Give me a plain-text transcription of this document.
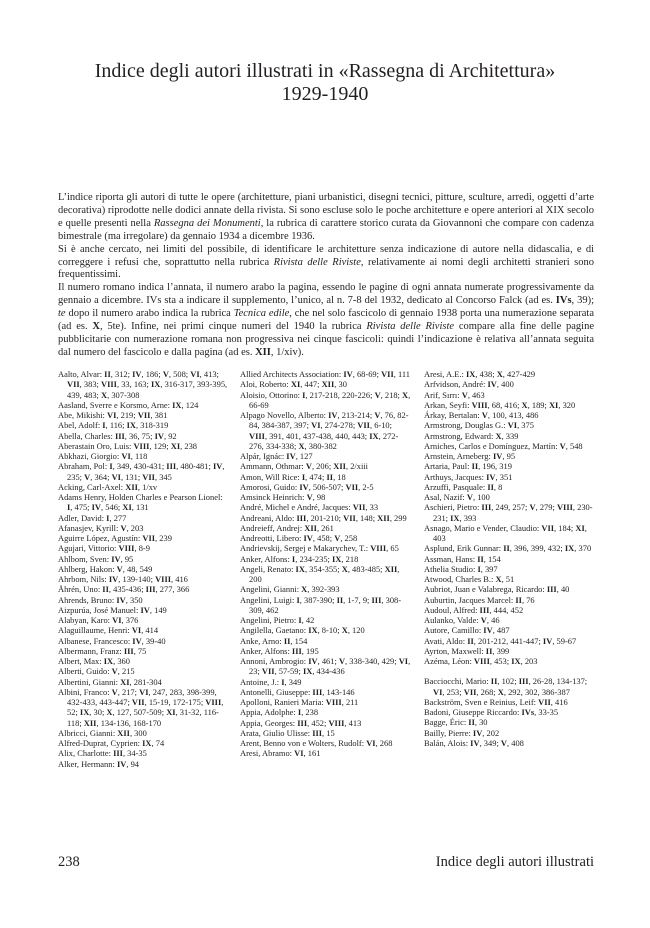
Indice degli autori illustrati in «Rassegna di Architettura»
1929-1940

L’indice riporta gli autori di tutte le opere (architetture, piani urbanistici, disegni tecnici, pitture, sculture, arredi, oggetti d’arte decorativa) riprodotte nelle dodici annate della rivista. Si sono escluse solo le poche architetture e opere anteriori al XIX secolo e quelle presenti nella Rassegna dei Monumenti, la rubrica di carattere storico curata da Giovannoni che compare con cadenza bimestrale (ma irregolare) da gennaio 1934 a dicembre 1936.

Si è anche cercato, nei limiti del possibile, di identificare le architetture senza indicazione di autore nella didascalia, e di correggere i refusi che, soprattutto nella rubrica Rivista delle Riviste, relativamente ai nomi degli architetti stranieri sono frequentissimi.

Il numero romano indica l’annata, il numero arabo la pagina, essendo le pagine di ogni annata numerate progressivamente da gennaio a dicembre. IVs sta a indicare il supplemento, l’unico, al n. 7-8 del 1932, dedicato al Concorso Falck (ad es. IVs, 39); te dopo il numero arabo indica la rubrica Tecnica edile, che nel solo fascicolo di gennaio 1938 porta una numerazione separata (ad es. X, 5te). Infine, nei primi cinque numeri del 1940 la rubrica Rivista delle Riviste compare alla fine delle pagine pubblicitarie con numerazione romana non progressiva nei cinque fascicoli: quindi l’indicazione è relativa all’annata seguita dal numero del fascicolo e dalla pagina (ad es. XII, 1/xiv).

Aalto, Alvar: II, 312; IV, 186; V, 508; VI, 413; VII, 383; VIII, 33, 163; IX, 316-317, 393-395, 439, 483; X, 307-308
Aasland, Sverre e Korsmo, Arne: IX, 124
Abe, Mikishi: VI, 219; VII, 381
Abel, Adolf: I, 116; IX, 318-319
Abella, Charles: III, 36, 75; IV, 92
Aberastain Oro, Luis: VIII, 129; XI, 238
Abkhazi, Giorgio: VI, 118
Abraham, Pol: I, 349, 430-431; III, 480-481; IV, 235; V, 364; VI, 131; VII, 345
Acking, Carl-Axel: XII, 1/xv
Adams Henry, Holden Charles e Pearson Lionel: I, 475; IV, 546; XI, 131
Adler, David: I, 277
Afanasjev, Kyrill: V, 203
Aguirre López, Agustín: VII, 239
Agujari, Vittorio: VIII, 8-9
Ahlbom, Sven: IV, 95
Ahlberg, Hakon: V, 48, 549
Ahrbom, Nils: IV, 139-140; VIII, 416
Åhrén, Uno: II, 435-436; III, 277, 366
Ahrends, Bruno: IV, 350
Aizpurúa, José Manuel: IV, 149
Alabyan, Karo: VI, 376
Alaguillaume, Henri: VI, 414
Albanese, Francesco: IV, 39-40
Albermann, Franz: III, 75
Albert, Max: IX, 360
Alberti, Guido: V, 215
Albertini, Gianni: XI, 281-304
Albini, Franco: V, 217; VI, 247, 283, 398-399, 432-433, 443-447; VII, 15-19, 172-175; VIII, 52; IX, 30; X, 127, 507-509; XI, 31-32, 116-118; XII, 134-136, 168-170
Albricci, Gianni: XII, 300
Alfred-Duprat, Cyprien: IX, 74
Alix, Charlotte: III, 34-35
Alker, Hermann: IV, 94
Allied Architects Association: IV, 68-69; VII, 111
Aloi, Roberto: XI, 447; XII, 30
Aloisio, Ottorino: I, 217-218, 220-226; V, 218; X, 66-69
Alpago Novello, Alberto: IV, 213-214; V, 76, 82-84, 384-387, 397; VI, 274-278; VII, 6-10; VIII, 391, 401, 437-438, 440, 443; IX, 272-276, 334-338; X, 380-382
Alpár, Ignác: IV, 127
Ammann, Othmar: V, 206; XII, 2/xiii
Amon, Will Rice: I, 474; II, 18
Amorosi, Guido: IV, 506-507; VII, 2-5
Amsinck Heinrich: V, 98
André, Michel e André, Jacques: VII, 33
Andreani, Aldo: III, 201-210; VII, 148; XII, 299
Andreieff, Andrej: XII, 261
Andreotti, Libero: IV, 458; V, 258
Andrievskij, Sergej e Makarychev, T.: VIII, 65
Anker, Alfons: I, 234-235; IX, 218
Angeli, Renato: IX, 354-355; X, 483-485; XII, 200
Angelini, Gianni: X, 392-393
Angelini, Luigi: I, 387-390; II, 1-7, 9; III, 308-309, 462
Angelini, Pietro: I, 42
Angilella, Gaetano: IX, 8-10; X, 120
Anke, Arno: II, 154
Anker, Alfons: III, 195
Annoni, Ambrogio: IV, 461; V, 338-340, 429; VI, 23; VII, 57-59; IX, 434-436
Antoine, J.: I, 349
Antonelli, Giuseppe: III, 143-146
Apolloni, Ranieri Maria: VIII, 211
Appia, Adolphe: I, 238
Appia, Georges: III, 452; VIII, 413
Arata, Giulio Ulisse: III, 15
Arent, Benno von e Wolters, Rudolf: VI, 268
Aresi, Abramo: VI, 161
Aresi, A.E.: IX, 438; X, 427-429
Arfvidson, André: IV, 400
Arif, Sırrı: V, 463
Arkan, Seyfi: VIII, 68, 416; X, 189; XI, 320
Árkay, Bertalan: V, 100, 413, 486
Armstrong, Douglas G.: VI, 375
Armstrong, Edward: X, 339
Arniches, Carlos e Domínguez, Martín: V, 548
Arnstein, Arneberg: IV, 95
Artaria, Paul: II, 196, 319
Arthuys, Jacques: IV, 351
Arzuffi, Pasquale: II, 8
Asal, Nazif: V, 100
Aschieri, Pietro: III, 249, 257; V, 279; VIII, 230-231; IX, 393
Asnago, Mario e Vender, Claudio: VII, 184; XI, 403
Asplund, Erik Gunnar: II, 396, 399, 432; IX, 370
Assman, Hans: II, 154
Athelia Studio: I, 397
Atwood, Charles B.: X, 51
Aubriot, Juan e Valabrega, Ricardo: III, 40
Auburtin, Jacques Marcel: II, 76
Audoul, Alfred: III, 444, 452
Aulanko, Valde: V, 46
Autore, Camillo: IV, 487
Avati, Aldo: II, 201-212, 441-447; IV, 59-67
Ayrton, Maxwell: II, 399
Azéma, Léon: VIII, 453; IX, 203
Bacciocchi, Mario: II, 102; III, 26-28, 134-137; VI, 253; VII, 268; X, 292, 302, 386-387
Backström, Sven e Reinius, Leif: VII, 416
Badoni, Giuseppe Riccardo: IVs, 33-35
Bagge, Éric: II, 30
Bailly, Pierre: IV, 202
Balán, Alois: IV, 349; V, 408
238	Indice degli autori illustrati
